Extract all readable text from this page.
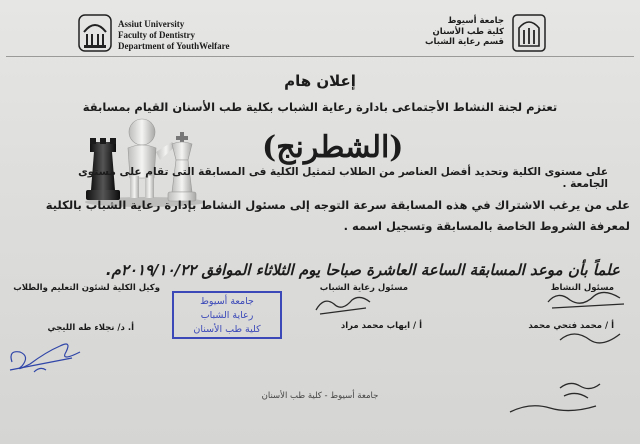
Assiut University
Faculty of Dentistry
Department of YouthWelfare
جامعة أسيوط
كلية طب الأسنان
قسم رعاية الشباب
إعلان هام
تعتزم لجنة النشاط الأجتماعى بادارة رعاية الشباب بكلية طب الأسنان القيام بمسابقة
(الشطرنج)
على مستوى الكلية وتحديد أفضل العناصر من الطلاب لتمثيل الكلية فى المسابقة التى تقام على مستوى الجامعة .
على من يرغب الاشتراك في هذه المسابقة سرعة التوجه إلى مسئول النشاط بإدارة رعاية الشباب بالكلية
لمعرفة الشروط الخاصة بالمسابقة وتسجيل اسمه .
علماً بأن موعد المسابقة الساعة العاشرة صباحا يوم الثلاثاء الموافق ٢٠١٩/١٠/٢٢م.
مسئول النشاط
أ / محمد فتحي محمد
مسئول رعاية الشباب
أ / ايهاب محمد مراد
وكيل الكلية لشئون التعليم والطلاب
أ. د/ نجلاء طه الليجي
جامعة أسيوط
رعاية الشباب
كلية طب الأسنان
جامعة أسيوط - كلية طب الأسنان
